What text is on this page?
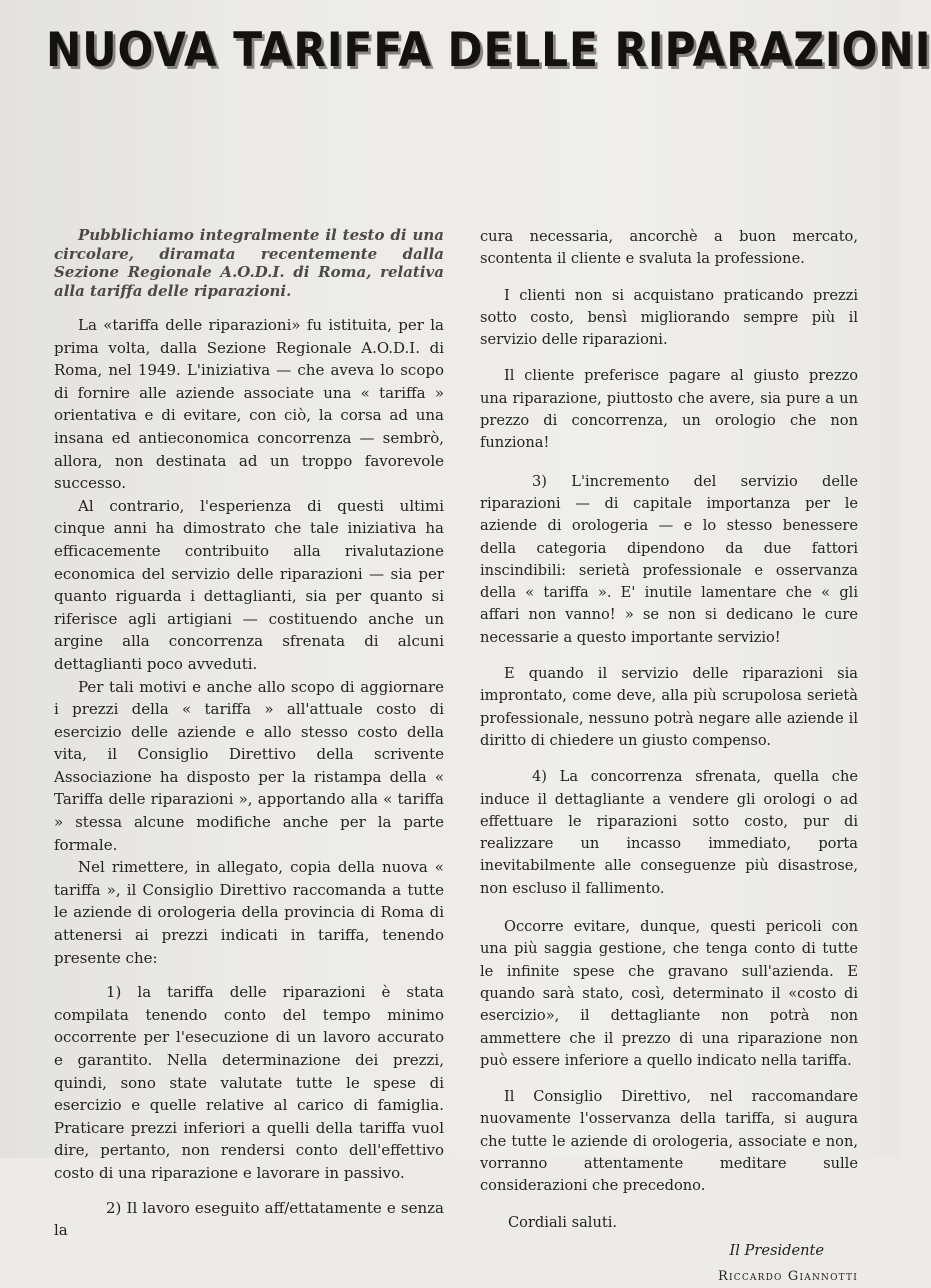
NUOVA TARIFFA DELLE RIPARAZIONI

Pubblichiamo integralmente il testo di una circolare, diramata recentemente dalla Sezione Regionale A.O.D.I. di Roma, relativa alla tariffa delle riparazioni.

La «tariffa delle riparazioni» fu istituita, per la prima volta, dalla Sezione Regionale A.O.D.I. di Roma, nel 1949. L'iniziativa — che aveva lo scopo di fornire alle aziende associate una « tariffa » orientativa e di evitare, con ciò, la corsa ad una insana ed antieconomica concorrenza — sembrò, allora, non destinata ad un troppo favorevole successo.

Al contrario, l'esperienza di questi ultimi cinque anni ha dimostrato che tale iniziativa ha efficacemente contribuito alla rivalutazione economica del servizio delle riparazioni — sia per quanto riguarda i dettaglianti, sia per quanto si riferisce agli artigiani — costituendo anche un argine alla concorrenza sfrenata di alcuni dettaglianti poco avveduti.

Per tali motivi e anche allo scopo di aggiornare i prezzi della « tariffa » all'attuale costo di esercizio delle aziende e allo stesso costo della vita, il Consiglio Direttivo della scrivente Associazione ha disposto per la ristampa della « Tariffa delle riparazioni », apportando alla « tariffa » stessa alcune modifiche anche per la parte formale.

Nel rimettere, in allegato, copia della nuova « tariffa », il Consiglio Direttivo raccomanda a tutte le aziende di orologeria della provincia di Roma di attenersi ai prezzi indicati in tariffa, tenendo presente che:

1) la tariffa delle riparazioni è stata compilata tenendo conto del tempo minimo occorrente per l'esecuzione di un lavoro accurato e garantito. Nella determinazione dei prezzi, quindi, sono state valutate tutte le spese di esercizio e quelle relative al carico di famiglia. Praticare prezzi inferiori a quelli della tariffa vuol dire, pertanto, non rendersi conto dell'effettivo costo di una riparazione e lavorare in passivo.

2) Il lavoro eseguito aff/ettatamente e senza la

cura necessaria, ancorchè a buon mercato, scontenta il cliente e svaluta la professione.

I clienti non si acquistano praticando prezzi sotto costo, bensì migliorando sempre più il servizio delle riparazioni.

Il cliente preferisce pagare al giusto prezzo una riparazione, piuttosto che avere, sia pure a un prezzo di concorrenza, un orologio che non funziona!

3) L'incremento del servizio delle riparazioni — di capitale importanza per le aziende di orologeria — e lo stesso benessere della categoria dipendono da due fattori inscindibili: serietà professionale e osservanza della « tariffa ». E' inutile lamentare che « gli affari non vanno! » se non si dedicano le cure necessarie a questo importante servizio!

E quando il servizio delle riparazioni sia improntato, come deve, alla più scrupolosa serietà professionale, nessuno potrà negare alle aziende il diritto di chiedere un giusto compenso.

4) La concorrenza sfrenata, quella che induce il dettagliante a vendere gli orologi o ad effettuare le riparazioni sotto costo, pur di realizzare un incasso immediato, porta inevitabilmente alle conseguenze più disastrose, non escluso il fallimento.

Occorre evitare, dunque, questi pericoli con una più saggia gestione, che tenga conto di tutte le infinite spese che gravano sull'azienda. E quando sarà stato, così, determinato il «costo di esercizio», il dettagliante non potrà non ammettere che il prezzo di una riparazione non può essere inferiore a quello indicato nella tariffa.

Il Consiglio Direttivo, nel raccomandare nuovamente l'osservanza della tariffa, si augura che tutte le aziende di orologeria, associate e non, vorranno attentamente meditare sulle considerazioni che precedono.

Cordiali saluti.

Il Presidente

Riccardo Giannotti
